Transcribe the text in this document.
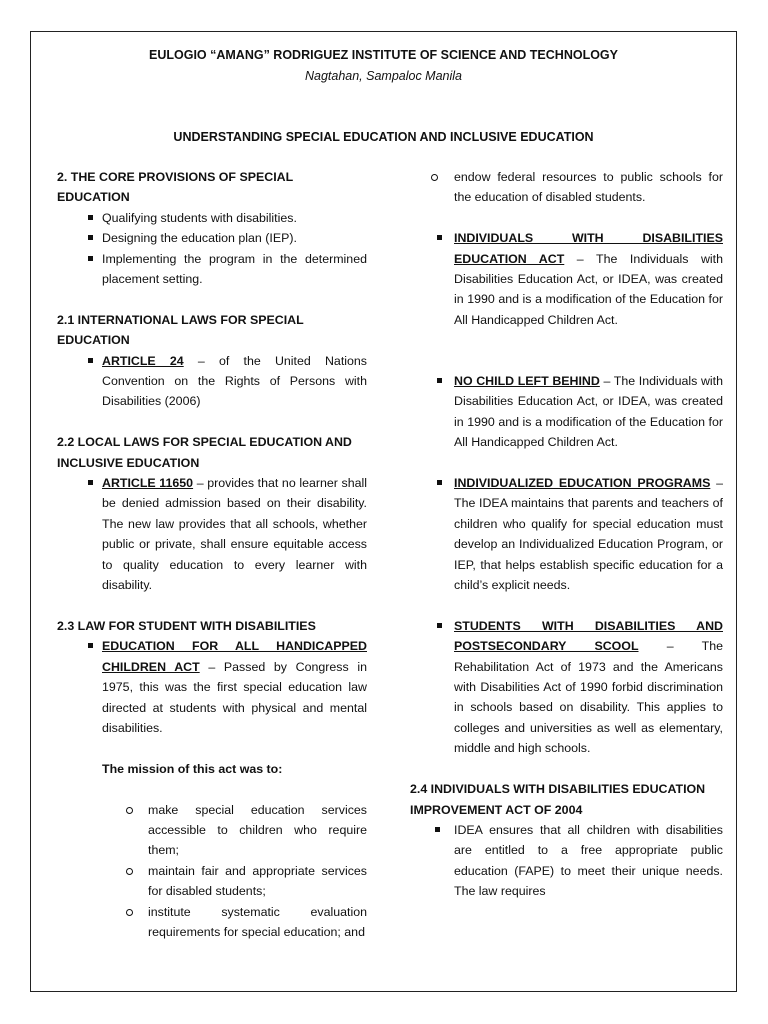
EULOGIO “AMANG” RODRIGUEZ INSTITUTE OF SCIENCE AND TECHNOLOGY
Nagtahan, Sampaloc Manila
UNDERSTANDING SPECIAL EDUCATION AND INCLUSIVE EDUCATION

2. THE CORE PROVISIONS OF SPECIAL EDUCATION

Qualifying students with disabilities.
Designing the education plan (IEP).
Implementing the program in the determined placement setting.

2.1 INTERNATIONAL LAWS FOR SPECIAL EDUCATION

ARTICLE 24 – of the United Nations Convention on the Rights of Persons with Disabilities (2006)

2.2 LOCAL LAWS FOR SPECIAL EDUCATION AND INCLUSIVE EDUCATION

ARTICLE 11650 – provides that no learner shall be denied admission based on their disability. The new law provides that all schools, whether public or private, shall ensure equitable access to quality education to every learner with disability.

2.3 LAW FOR STUDENT WITH DISABILITIES

EDUCATION FOR ALL HANDICAPPED CHILDREN ACT – Passed by Congress in 1975, this was the first special education law directed at students with physical and mental disabilities.
The mission of this act was to:
make special education services accessible to children who require them;
maintain fair and appropriate services for disabled students;
institute systematic evaluation requirements for special education; and
endow federal resources to public schools for the education of disabled students.
INDIVIDUALS WITH DISABILITIES EDUCATION ACT – The Individuals with Disabilities Education Act, or IDEA, was created in 1990 and is a modification of the Education for All Handicapped Children Act.
NO CHILD LEFT BEHIND – The Individuals with Disabilities Education Act, or IDEA, was created in 1990 and is a modification of the Education for All Handicapped Children Act.
INDIVIDUALIZED EDUCATION PROGRAMS – The IDEA maintains that parents and teachers of children who qualify for special education must develop an Individualized Education Program, or IEP, that helps establish specific education for a child’s explicit needs.
STUDENTS WITH DISABILITIES AND POSTSECONDARY SCOOL – The Rehabilitation Act of 1973 and the Americans with Disabilities Act of 1990 forbid discrimination in schools based on disability. This applies to colleges and universities as well as elementary, middle and high schools.

2.4 INDIVIDUALS WITH DISABILITIES EDUCATION IMPROVEMENT ACT OF 2004

IDEA ensures that all children with disabilities are entitled to a free appropriate public education (FAPE) to meet their unique needs. The law requires
